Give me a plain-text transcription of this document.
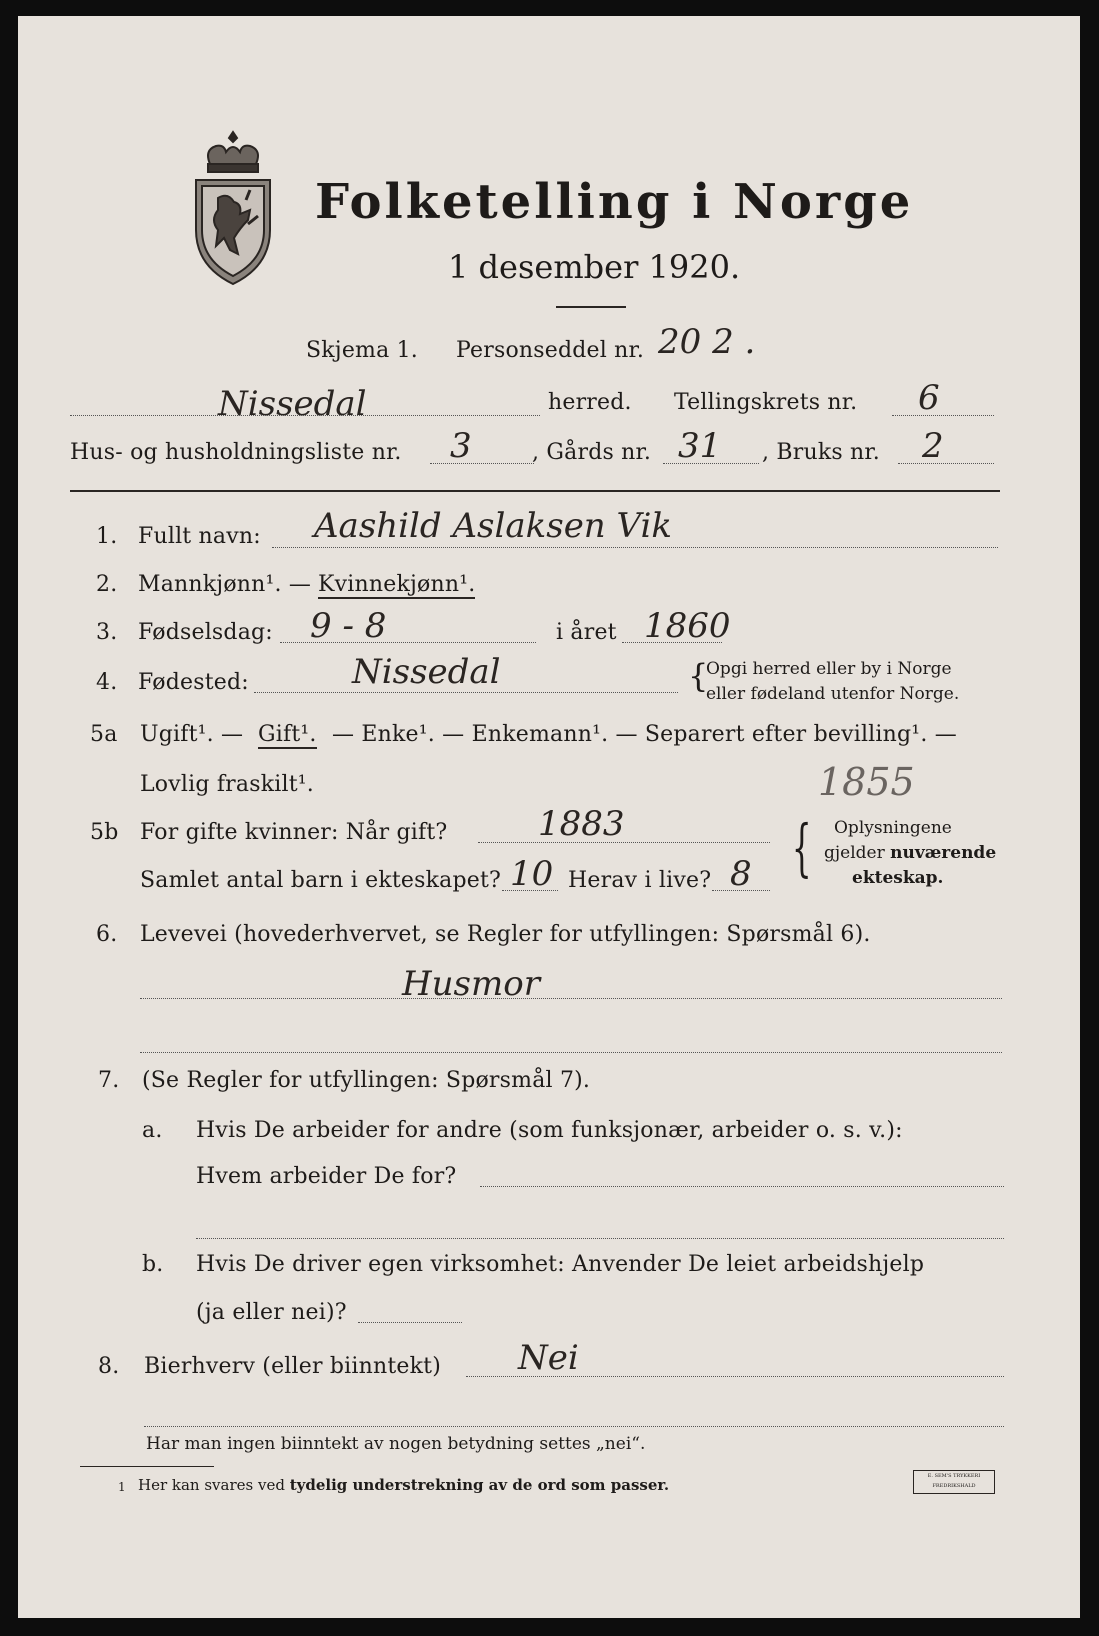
Folketelling i Norge
1 desember 1920.
Skjema 1. Personseddel nr. 20 2 .
Nissedal	herred. Tellingskrets nr. 6
Hus- og husholdningsliste nr. 3	, Gårds nr. 31 , Bruks nr. 2
1. Fullt navn: Aashild Aslaksen Vik
2. Mannkjønn¹. — Kvinnekjønn¹.
3. Fødselsdag: 9 - 8	i året 1860
4. Fødested:	Nissedal	{
Opgi herred eller by i Norge
eller fødeland utenfor Norge.
5a Ugift¹. — Gift¹. — Enke¹. — Enkemann¹. — Separert efter bevilling¹. —
Lovlig fraskilt¹.	1855
5b For gifte kvinner: Når gift?	1883
Samlet antal barn i ekteskapet? 10 Herav i live? 8 { Oplysningene
gjelder nuværende
ekteskap.
6. Levevei (hovederhvervet, se Regler for utfyllingen: Spørsmål 6).
Husmor
7. (Se Regler for utfyllingen: Spørsmål 7).
a. Hvis De arbeider for andre (som funksjonær, arbeider o. s. v.):
Hvem arbeider De for?
b. Hvis De driver egen virksomhet: Anvender De leiet arbeidshjelp
(ja eller nei)?
8. Bierhverv (eller biinntekt) Nei
Har man ingen biinntekt av nogen betydning settes „nei“.
1 Her kan svares ved tydelig understrekning av de ord som passer.	E. SEM'S TRYKKERI FREDRIKSHALD
